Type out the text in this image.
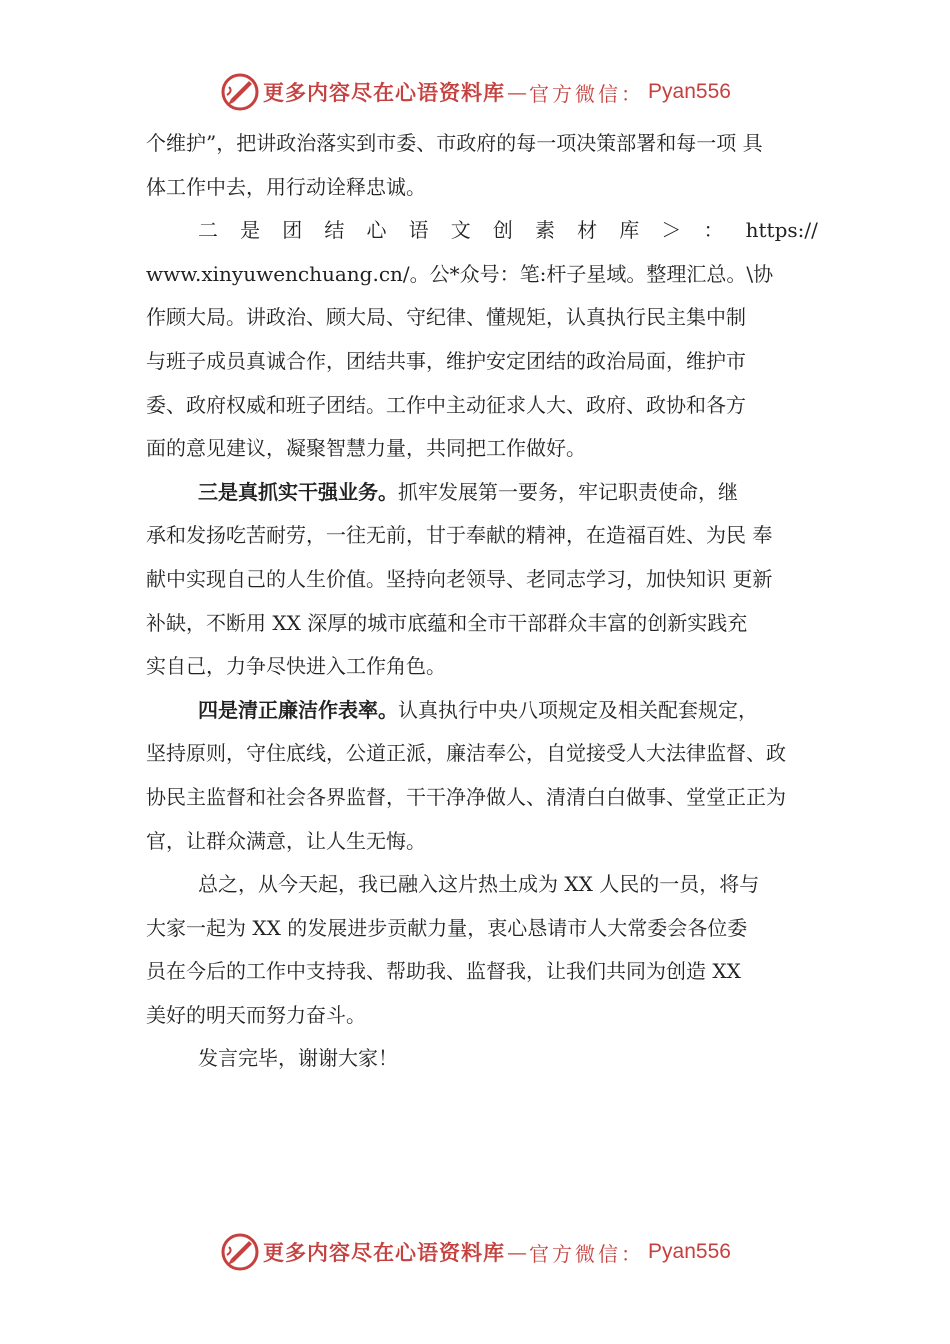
更多内容尽在心语资料库 — 官方微信： Pyan556
个维护”，把讲政治落实到市委、市政府的每一项决策部署和每一项 具
体工作中去，用行动诠释忠诚。
二 是 团 结 心 语 文 创 素 材 库 ＞ ： https://
www.xinyuwenchuang.cn/。公*众号：笔:杆子星域。整理汇总。\协
作顾大局。讲政治、顾大局、守纪律、懂规矩，认真执行民主集中制
与班子成员真诚合作，团结共事，维护安定团结的政治局面，维护市
委、政府权威和班子团结。工作中主动征求人大、政府、政协和各方
面的意见建议，凝聚智慧力量，共同把工作做好。
三是真抓实干强业务。抓牢发展第一要务，牢记职责使命，继
承和发扬吃苦耐劳，一往无前，甘于奉献的精神，在造福百姓、为民 奉
献中实现自己的人生价值。坚持向老领导、老同志学习，加快知识 更新
补缺，不断用 XX 深厚的城市底蕴和全市干部群众丰富的创新实践充
实自己，力争尽快进入工作角色。
四是清正廉洁作表率。认真执行中央八项规定及相关配套规定，
坚持原则，守住底线，公道正派，廉洁奉公，自觉接受人大法律监督、政
协民主监督和社会各界监督，干干净净做人、清清白白做事、堂堂正正为
官，让群众满意，让人生无悔。
总之，从今天起，我已融入这片热土成为 XX 人民的一员，将与
大家一起为 XX 的发展进步贡献力量，衷心恳请市人大常委会各位委
员在今后的工作中支持我、帮助我、监督我，让我们共同为创造 XX
美好的明天而努力奋斗。
发言完毕，谢谢大家！
更多内容尽在心语资料库 — 官方微信： Pyan556
